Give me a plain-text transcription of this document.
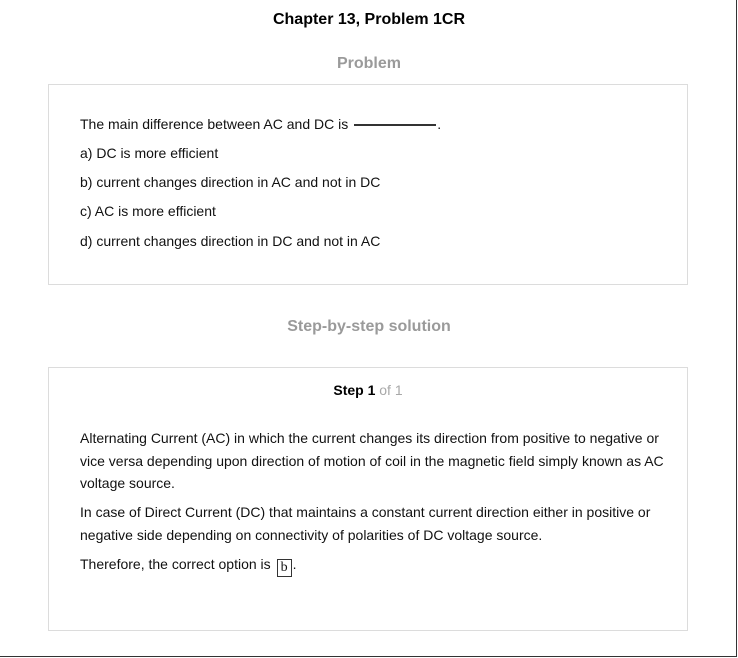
Chapter 13, Problem 1CR
Problem
The main difference between AC and DC is	.
a) DC is more efficient
b) current changes direction in AC and not in DC
c) AC is more efficient
d) current changes direction in DC and not in AC
Step-by-step solution
Step 1 of 1
Alternating Current (AC) in which the current changes its direction from positive to negative or vice versa depending upon direction of motion of coil in the magnetic field simply known as AC voltage source.
In case of Direct Current (DC) that maintains a constant current direction either in positive or negative side depending on connectivity of polarities of DC voltage source.
Therefore, the correct option is b .
